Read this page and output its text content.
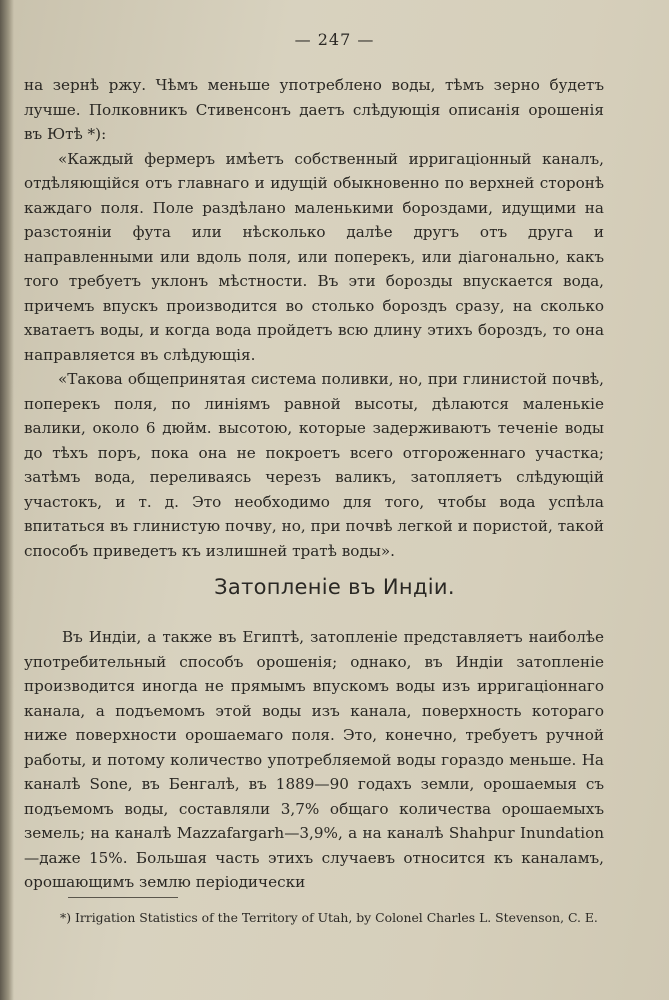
— 247 —

на зернѣ ржу. Чѣмъ меньше употреблено воды, тѣмъ зерно будетъ лучше. Полковникъ Стивенсонъ даетъ слѣдующія описанія орошенія въ Ютѣ *):

«Каждый фермеръ имѣетъ собственный ирригаціонный каналъ, отдѣляющійся отъ главнаго и идущій обыкновенно по верхней сторонѣ каждаго поля. Поле раздѣлано маленькими бороздами, идущими на разстояніи фута или нѣсколько далѣе другъ отъ друга и направленными или вдоль поля, или поперекъ, или діагонально, какъ того требуетъ уклонъ мѣстности. Въ эти борозды впускается вода, причемъ впускъ производится во столько бороздъ сразу, на сколько хватаетъ воды, и когда вода пройдетъ всю длину этихъ бороздъ, то она направляется въ слѣдующія.

«Такова общепринятая система поливки, но, при глинистой почвѣ, поперекъ поля, по линіямъ равной высоты, дѣлаются маленькіе валики, около 6 дюйм. высотою, которые задерживаютъ теченіе воды до тѣхъ поръ, пока она не покроетъ всего отгороженнаго участка; затѣмъ вода, переливаясь черезъ валикъ, затопляетъ слѣдующій участокъ, и т. д. Это необходимо для того, чтобы вода успѣла впитаться въ глинистую почву, но, при почвѣ легкой и пористой, такой способъ приведетъ къ излишней тратѣ воды».

Затопленіе въ Индіи.

Въ Индіи, а также въ Египтѣ, затопленіе представляетъ наиболѣе употребительный способъ орошенія; однако, въ Индіи затопленіе производится иногда не прямымъ впускомъ воды изъ ирригаціоннаго канала, а подъемомъ этой воды изъ канала, поверхность котораго ниже поверхности орошаемаго поля. Это, конечно, требуетъ ручной работы, и потому количество употребляемой воды гораздо меньше. На каналѣ Sone, въ Бенгалѣ, въ 1889—90 годахъ земли, орошаемыя съ подъемомъ воды, составляли 3,7% общаго количества орошаемыхъ земель; на каналѣ Mazzafargarh—3,9%, а на каналѣ Shahpur Inundation—даже 15%. Большая часть этихъ случаевъ относится къ каналамъ, орошающимъ землю періодически

*) Irrigation Statistics of the Territory of Utah, by Colonel Charles L. Stevenson, C. E.
